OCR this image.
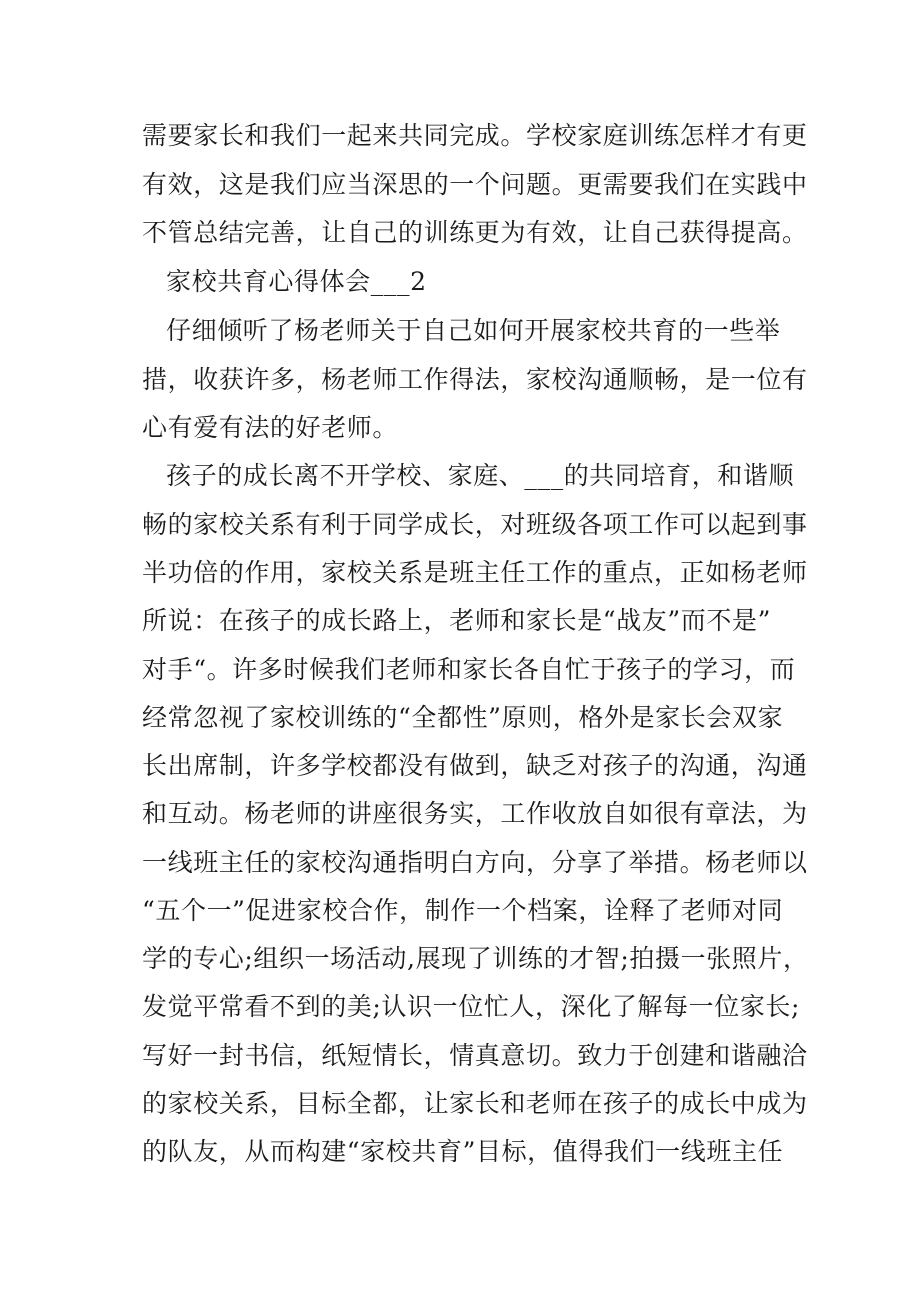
需要家长和我们一起来共同完成。学校家庭训练怎样才有更
有效，这是我们应当深思的一个问题。更需要我们在实践中
不管总结完善，让自己的训练更为有效，让自己获得提高。
家校共育心得体会___2
仔细倾听了杨老师关于自己如何开展家校共育的一些举
措，收获许多，杨老师工作得法，家校沟通顺畅，是一位有
心有爱有法的好老师。
孩子的成长离不开学校、家庭、___的共同培育，和谐顺
畅的家校关系有利于同学成长，对班级各项工作可以起到事
半功倍的作用，家校关系是班主任工作的重点，正如杨老师
所说：在孩子的成长路上，老师和家长是“战友”而不是”
对手“。许多时候我们老师和家长各自忙于孩子的学习，而
经常忽视了家校训练的“全都性”原则，格外是家长会双家
长出席制，许多学校都没有做到，缺乏对孩子的沟通，沟通
和互动。杨老师的讲座很务实，工作收放自如很有章法，为
一线班主任的家校沟通指明白方向，分享了举措。杨老师以
“五个一”促进家校合作，制作一个档案，诠释了老师对同
学的专心;组织一场活动,展现了训练的才智;拍摄一张照片，
发觉平常看不到的美;认识一位忙人，深化了解每一位家长;
写好一封书信，纸短情长，情真意切。致力于创建和谐融洽
的家校关系，目标全都，让家长和老师在孩子的成长中成为
的队友，从而构建“家校共育”目标，值得我们一线班主任
